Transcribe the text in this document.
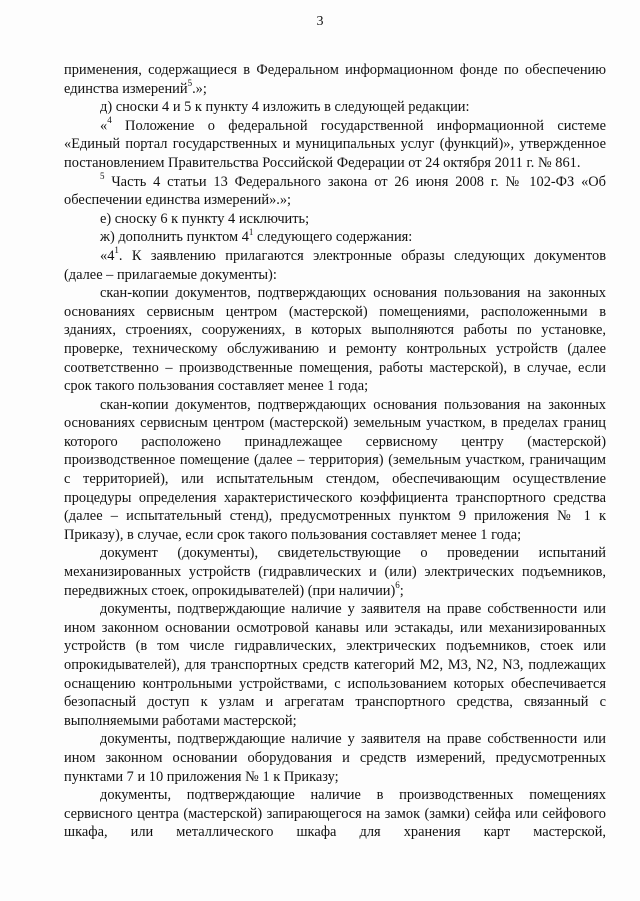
3

применения, содержащиеся в Федеральном информационном фонде по обеспечению единства измерений$^5$.»;

д) сноски 4 и 5 к пункту 4 изложить в следующей редакции:

«$^4$ Положение о федеральной государственной информационной системе «Единый портал государственных и муниципальных услуг (функций)», утвержденное постановлением Правительства Российской Федерации от 24 октября 2011 г. № 861.

$^5$ Часть 4 статьи 13 Федерального закона от 26 июня 2008 г. № 102-ФЗ «Об обеспечении единства измерений».»;

е) сноску 6 к пункту 4 исключить;

ж) дополнить пунктом $4^1$ следующего содержания:

«$4^1$. К заявлению прилагаются электронные образы следующих документов (далее – прилагаемые документы):

скан-копии документов, подтверждающих основания пользования на законных основаниях сервисным центром (мастерской) помещениями, расположенными в зданиях, строениях, сооружениях, в которых выполняются работы по установке, проверке, техническому обслуживанию и ремонту контрольных устройств (далее соответственно – производственные помещения, работы мастерской), в случае, если срок такого пользования составляет менее 1 года;

скан-копии документов, подтверждающих основания пользования на законных основаниях сервисным центром (мастерской) земельным участком, в пределах границ которого расположено принадлежащее сервисному центру (мастерской) производственное помещение (далее – территория) (земельным участком, граничащим с территорией), или испытательным стендом, обеспечивающим осуществление процедуры определения характеристического коэффициента транспортного средства (далее – испытательный стенд), предусмотренных пунктом 9 приложения № 1 к Приказу), в случае, если срок такого пользования составляет менее 1 года;

документ (документы), свидетельствующие о проведении испытаний механизированных устройств (гидравлических и (или) электрических подъемников, передвижных стоек, опрокидывателей) (при наличии)$^6$;

документы, подтверждающие наличие у заявителя на праве собственности или ином законном основании осмотровой канавы или эстакады, или механизированных устройств (в том числе гидравлических, электрических подъемников, стоек или опрокидывателей), для транспортных средств категорий M2, M3, N2, N3, подлежащих оснащению контрольными устройствами, с использованием которых обеспечивается безопасный доступ к узлам и агрегатам транспортного средства, связанный с выполняемыми работами мастерской;

документы, подтверждающие наличие у заявителя на праве собственности или ином законном основании оборудования и средств измерений, предусмотренных пунктами 7 и 10 приложения № 1 к Приказу;

документы, подтверждающие наличие в производственных помещениях сервисного центра (мастерской) запирающегося на замок (замки) сейфа или сейфового шкафа, или металлического шкафа для хранения карт мастерской,
